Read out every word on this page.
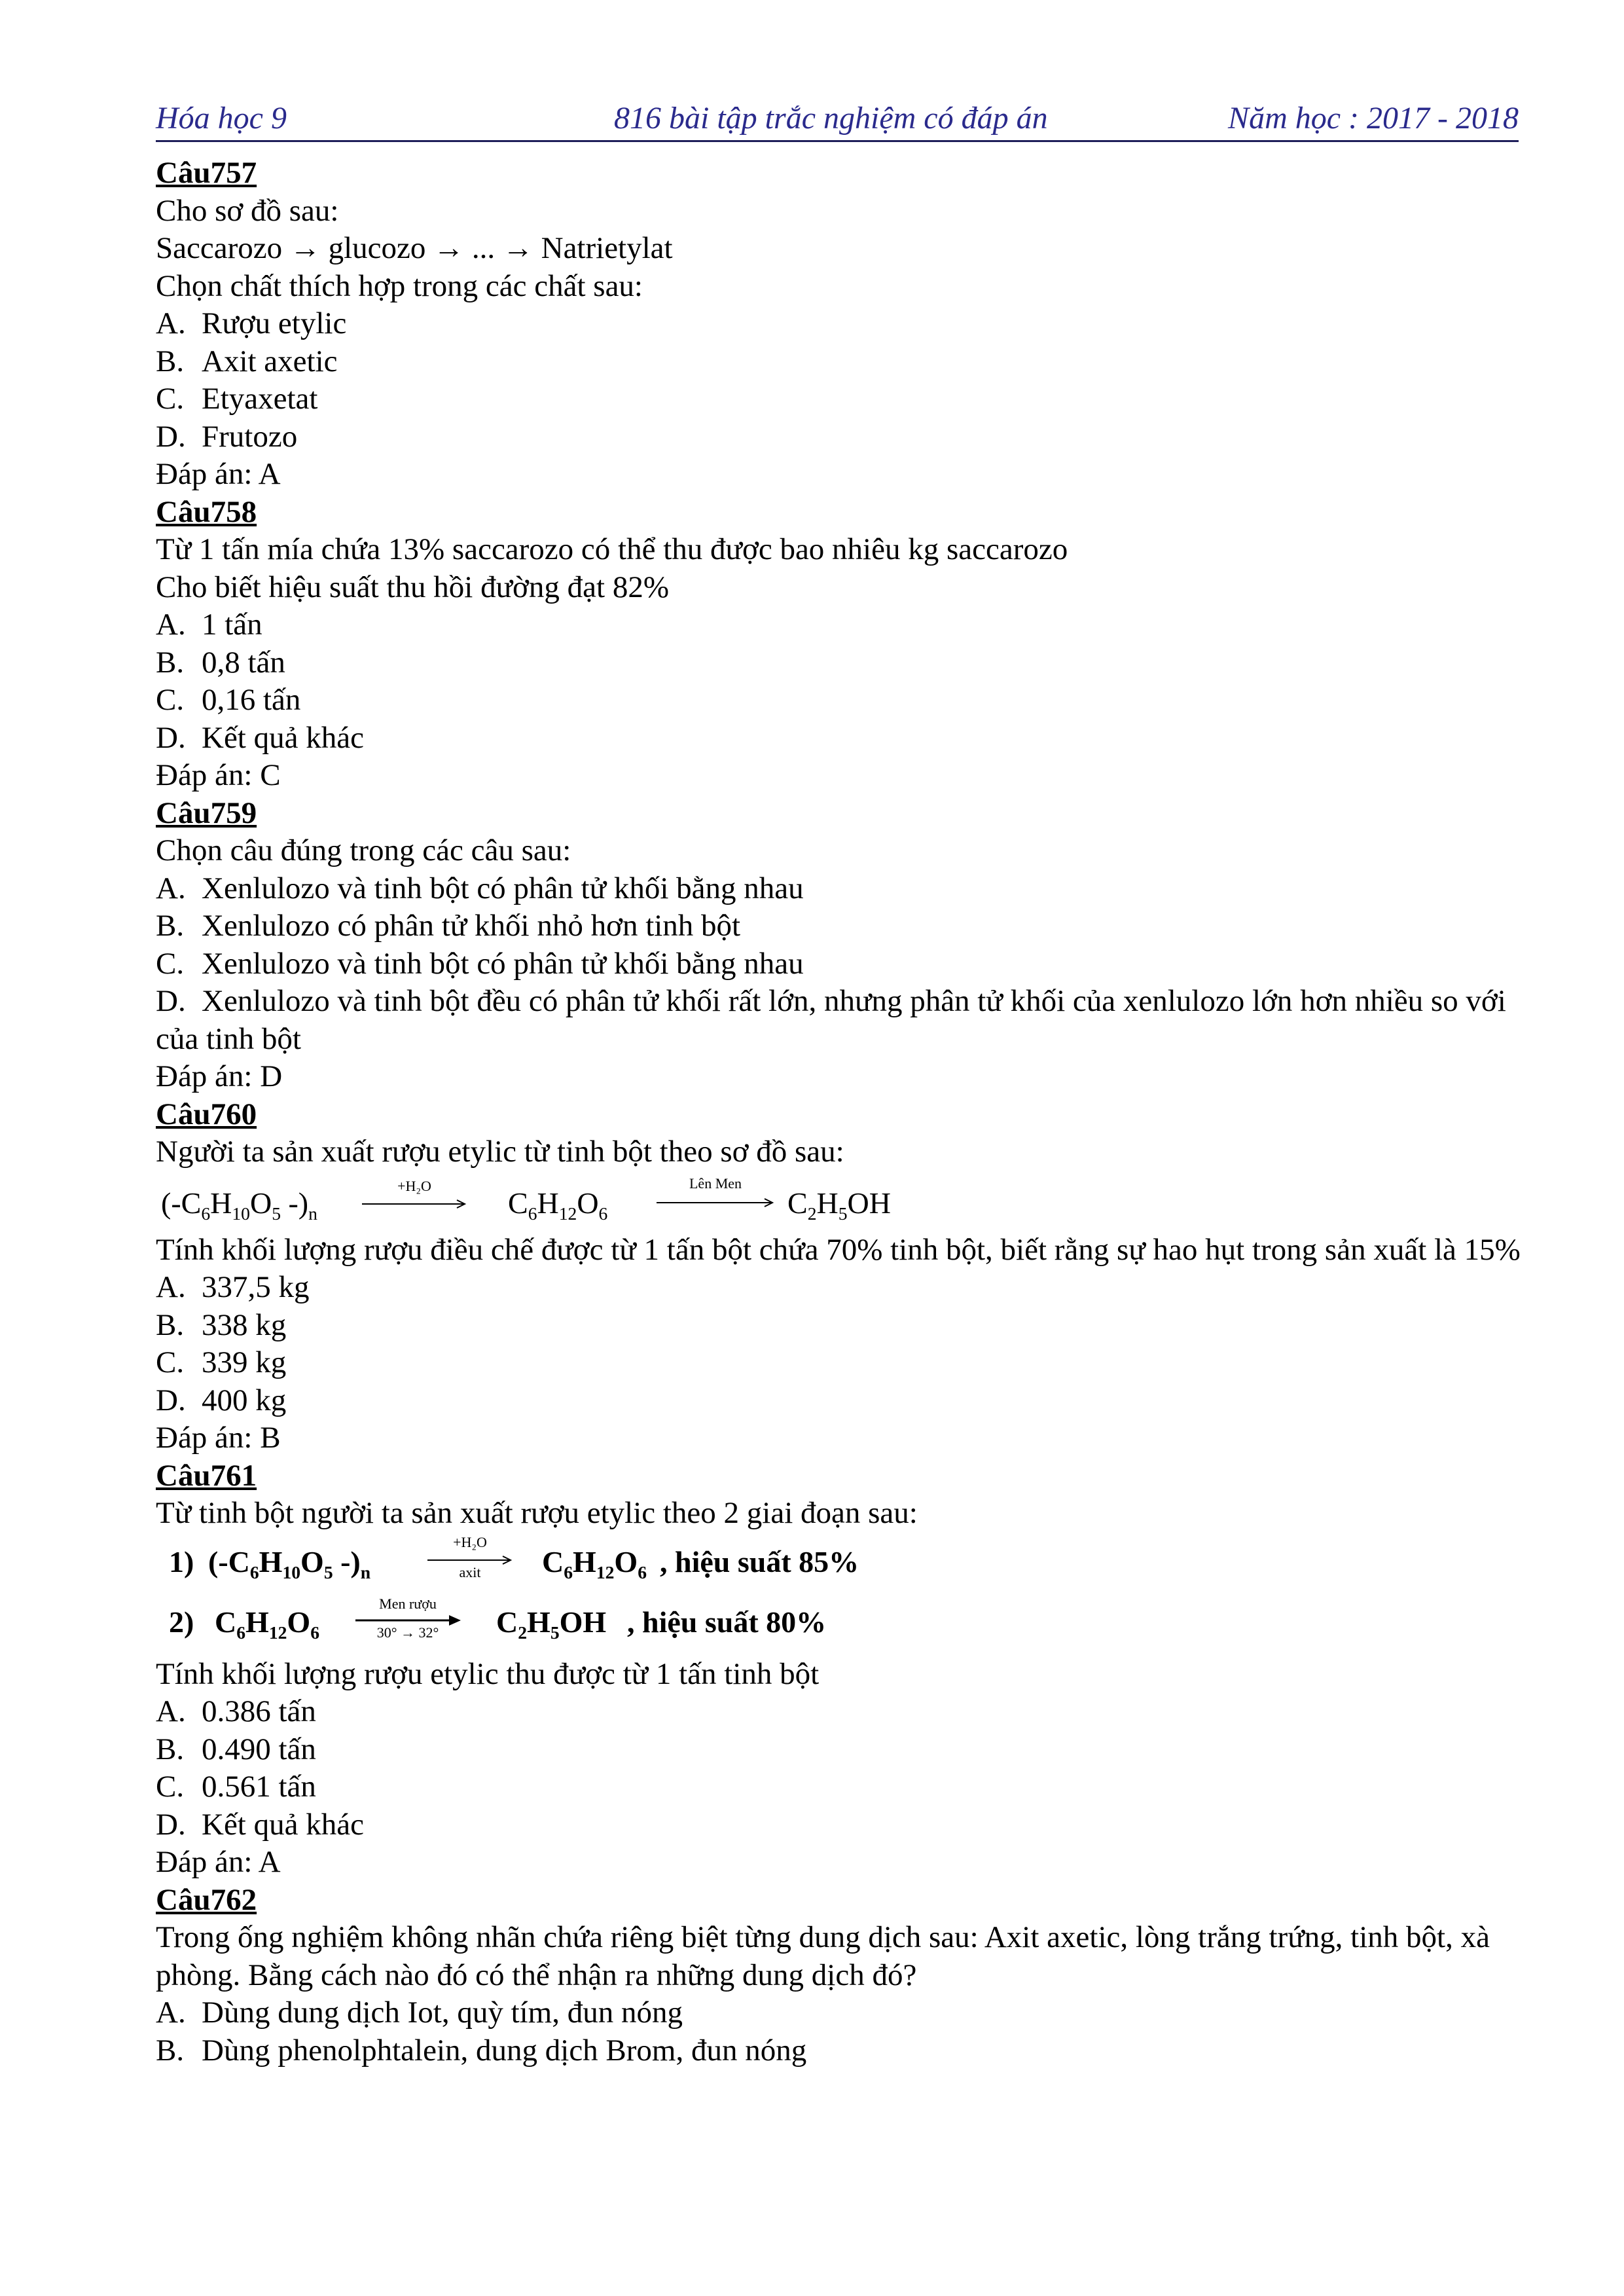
Hóa học 9	816 bài tập trắc nghiệm có đáp án	Năm học : 2017 - 2018
Câu757
Cho sơ đồ sau:
Saccarozo → glucozo → ... → Natrietylat
Chọn chất thích hợp trong các chất sau:
A. Rượu etylic
B. Axit axetic
C. Etyaxetat
D. Frutozo
Đáp án: A
Câu758
Từ 1 tấn mía chứa 13% saccarozo có thể thu được bao nhiêu kg saccarozo
Cho biết hiệu suất thu hồi đường đạt 82%
A. 1 tấn
B. 0,8 tấn
C. 0,16 tấn
D. Kết quả khác
Đáp án: C
Câu759
Chọn câu đúng trong các câu sau:
A. Xenlulozo và tinh bột có phân tử khối bằng nhau
B. Xenlulozo có phân tử khối nhỏ hơn tinh bột
C. Xenlulozo và tinh bột có phân tử khối bằng nhau
D. Xenlulozo và tinh bột đều có phân tử khối rất lớn, nhưng phân tử khối của xenlulozo lớn hơn nhiều so với của tinh bột
Đáp án: D
Câu760
Người ta sản xuất rượu etylic từ tinh bột theo sơ đồ sau:
($-C_6H_{10}O_5$ $-)_n$
+H₂O
$C_6H_{12}O_6$
Lên Men
$C_2H_5OH$
Tính khối lượng rượu điều chế được từ 1 tấn bột chứa 70% tinh bột, biết rằng sự hao hụt trong sản xuất là 15%
A. 337,5 kg
B. 338 kg
C. 339 kg
D. 400 kg
Đáp án: B
Câu761
Từ tinh bột người ta sản xuất rượu etylic theo 2 giai đoạn sau:
1) ($-C_6H_{10}O_5$ $-)_n$
+H₂O
axit	$C_6H_{12}O_6$ , hiệu suất 85%
2) $C_6H_{12}O_6$
Men rượu
30° → 32°	$C_2H_5OH$ , hiệu suất 80%
Tính khối lượng rượu etylic thu được từ 1 tấn tinh bột
A. 0.386 tấn
B. 0.490 tấn
C. 0.561 tấn
D. Kết quả khác
Đáp án: A
Câu762
Trong ống nghiệm không nhãn chứa riêng biệt từng dung dịch sau: Axit axetic, lòng trắng trứng, tinh bột, xà phòng. Bằng cách nào đó có thể nhận ra những dung dịch đó?
A. Dùng dung dịch Iot, quỳ tím, đun nóng
B. Dùng phenolphtalein, dung dịch Brom, đun nóng
